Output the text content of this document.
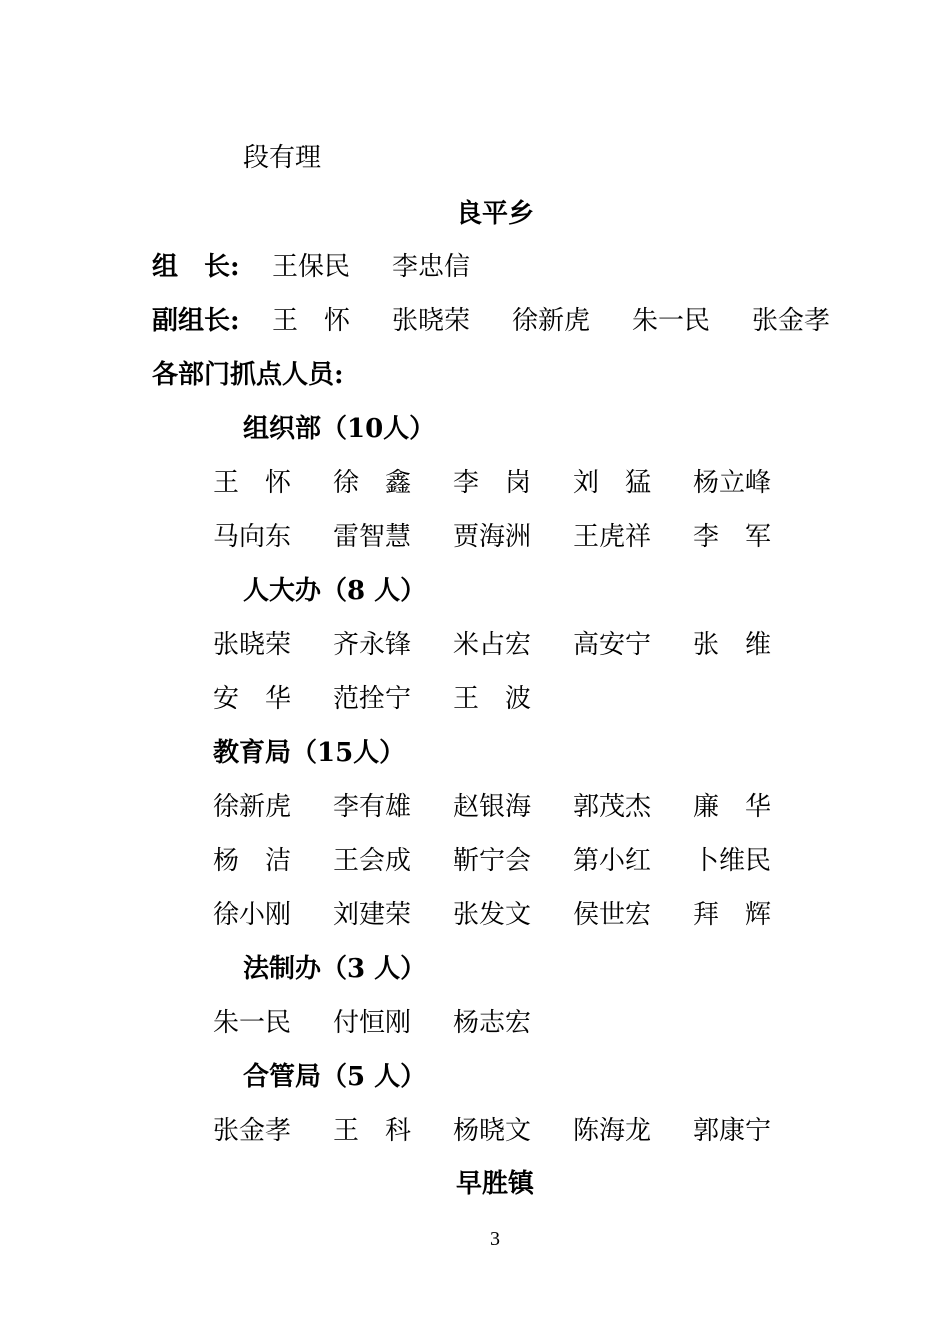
段有理
良平乡
组　长: 王保民 李忠信
副组长: 王　怀 张晓荣 徐新虎 朱一民 张金孝
各部门抓点人员:
组织部（10人）
王　怀 徐　鑫 李　岗 刘　猛 杨立峰
马向东 雷智慧 贾海洲 王虎祥 李　军
人大办（8 人）
张晓荣 齐永锋 米占宏 高安宁 张　维
安　华 范拴宁 王　波
教育局（15人）
徐新虎 李有雄 赵银海 郭茂杰 廉　华
杨　洁 王会成 靳宁会 第小红 卜维民
徐小刚 刘建荣 张发文 侯世宏 拜　辉
法制办（3 人）
朱一民 付恒刚 杨志宏
合管局（5 人）
张金孝 王　科 杨晓文 陈海龙 郭康宁
早胜镇
3
